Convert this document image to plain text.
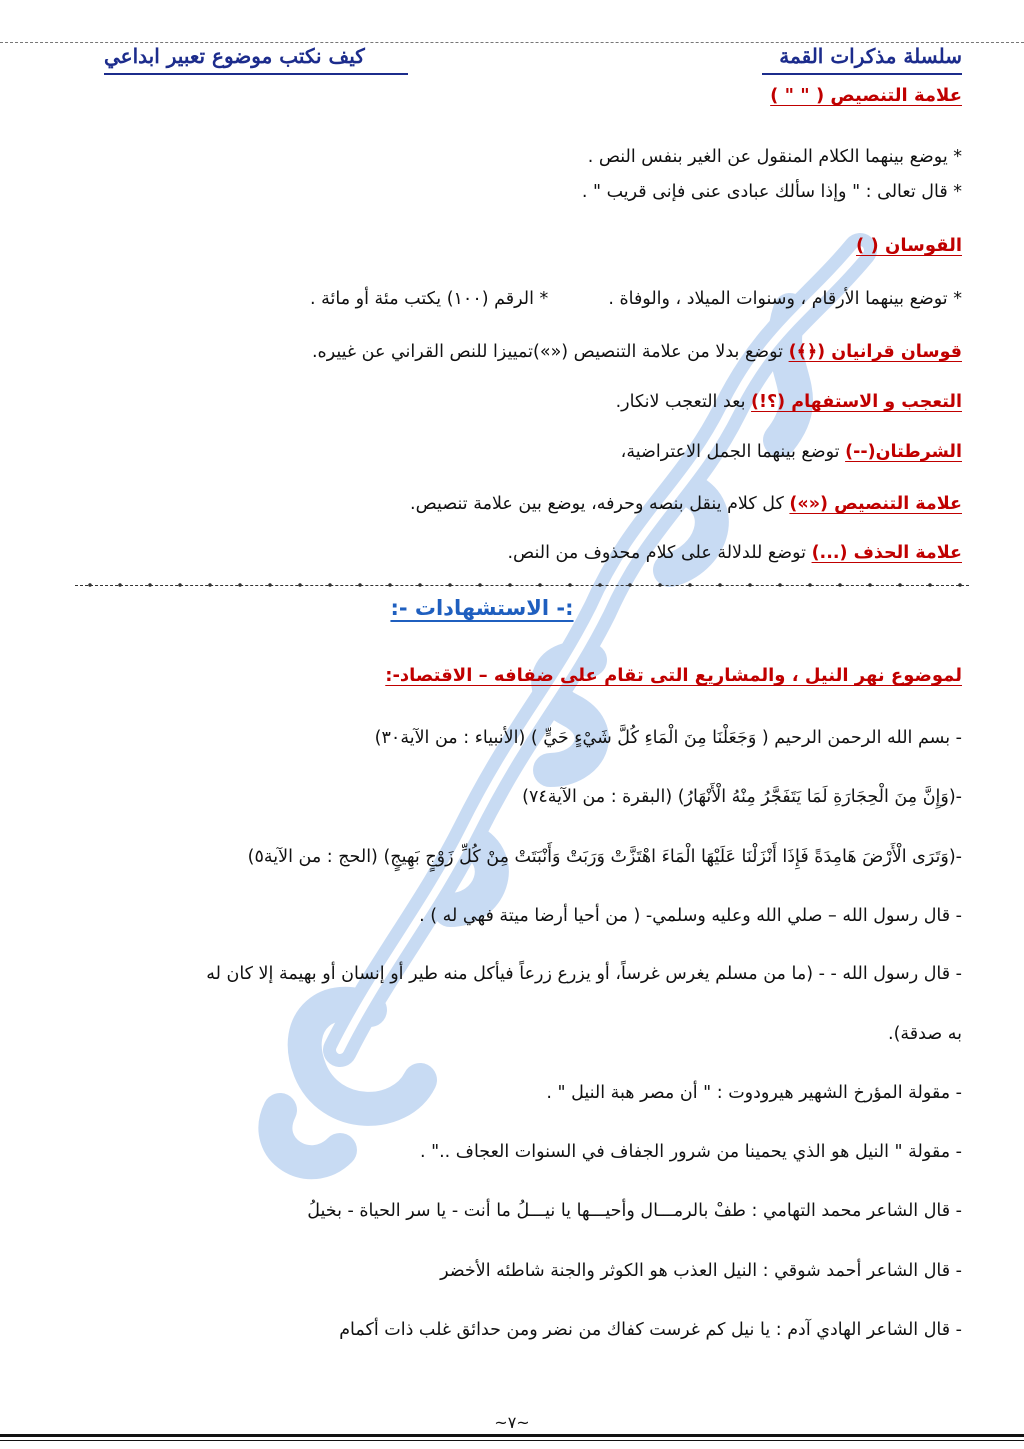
سلسلة مذكرات القمة
كيف نكتب موضوع تعبير ابداعي
علامة التنصيص ( " " )
* يوضع بينهما الكلام المنقول عن الغير بنفس النص .
* قال تعالى : " وإذا سألك عبادى عنى فإنى قريب " .
القوسان ( )
* توضع بينهما الأرقام ، وسنوات الميلاد ، والوفاة .* الرقم (١٠٠) يكتب مئة أو مائة .
قوسان قرانيان (﴿﴾) توضع بدلا من علامة التنصيص («»)تمييزا للنص القراني عن غييره.
التعجب و الاستفهام (؟!) بعد التعجب لانكار.
الشرطتان(--) توضع بينهما الجمل الاعتراضية،
علامة التنصيص («») كل كلام ينقل بنصه وحرفه، يوضع بين علامة تنصيص.
علامة الحذف (...) توضع للدلالة على كلام محذوف من النص.
:- الاستشهادات -:
لموضوع نهر النيل ، والمشاريع التى تقام على ضفافه – الاقتصاد-:
- بسم الله الرحمن الرحيم ( وَجَعَلْنَا مِنَ الْمَاءِ كُلَّ شَيْءٍ حَيٍّ ) (الأنبياء : من الآية٣٠)
-(وَإِنَّ مِنَ الْحِجَارَةِ لَمَا يَتَفَجَّرُ مِنْهُ الْأَنْهَارُ) (البقرة : من الآية٧٤)
-(وَتَرَى الْأَرْضَ هَامِدَةً فَإِذَا أَنْزَلْنَا عَلَيْهَا الْمَاءَ اهْتَزَّتْ وَرَبَتْ وَأَنْبَتَتْ مِنْ كُلِّ زَوْجٍ بَهِيجٍ) (الحج : من الآية٥)
- قال رسول الله – صلي الله وعليه وسلمي- ( من أحيا أرضا ميتة فهي له ) .
- قال رسول الله - - (ما من مسلم يغرس غرساً، أو يزرع زرعاً فيأكل منه طير أو إنسان أو بهيمة إلا كان له
به صدقة).
- مقولة المؤرخ الشهير هيرودوت : " أن مصر هبة النيل " .
- مقولة " النيل هو الذي يحمينا من شرور الجفاف في السنوات العجاف .." .
- قال الشاعر محمد التهامي : طفْ بالرمـــال وأحيـــها يا نيـــلُ ما أنت - يا سر الحياة - بخيلُ
- قال الشاعر أحمد شوقي : النيل العذب هو الكوثر والجنة شاطئه الأخضر
- قال الشاعر الهادي آدم : يا نيل كم غرست كفاك من نضر ومن حدائق غلب ذات أكمام
~٧~
